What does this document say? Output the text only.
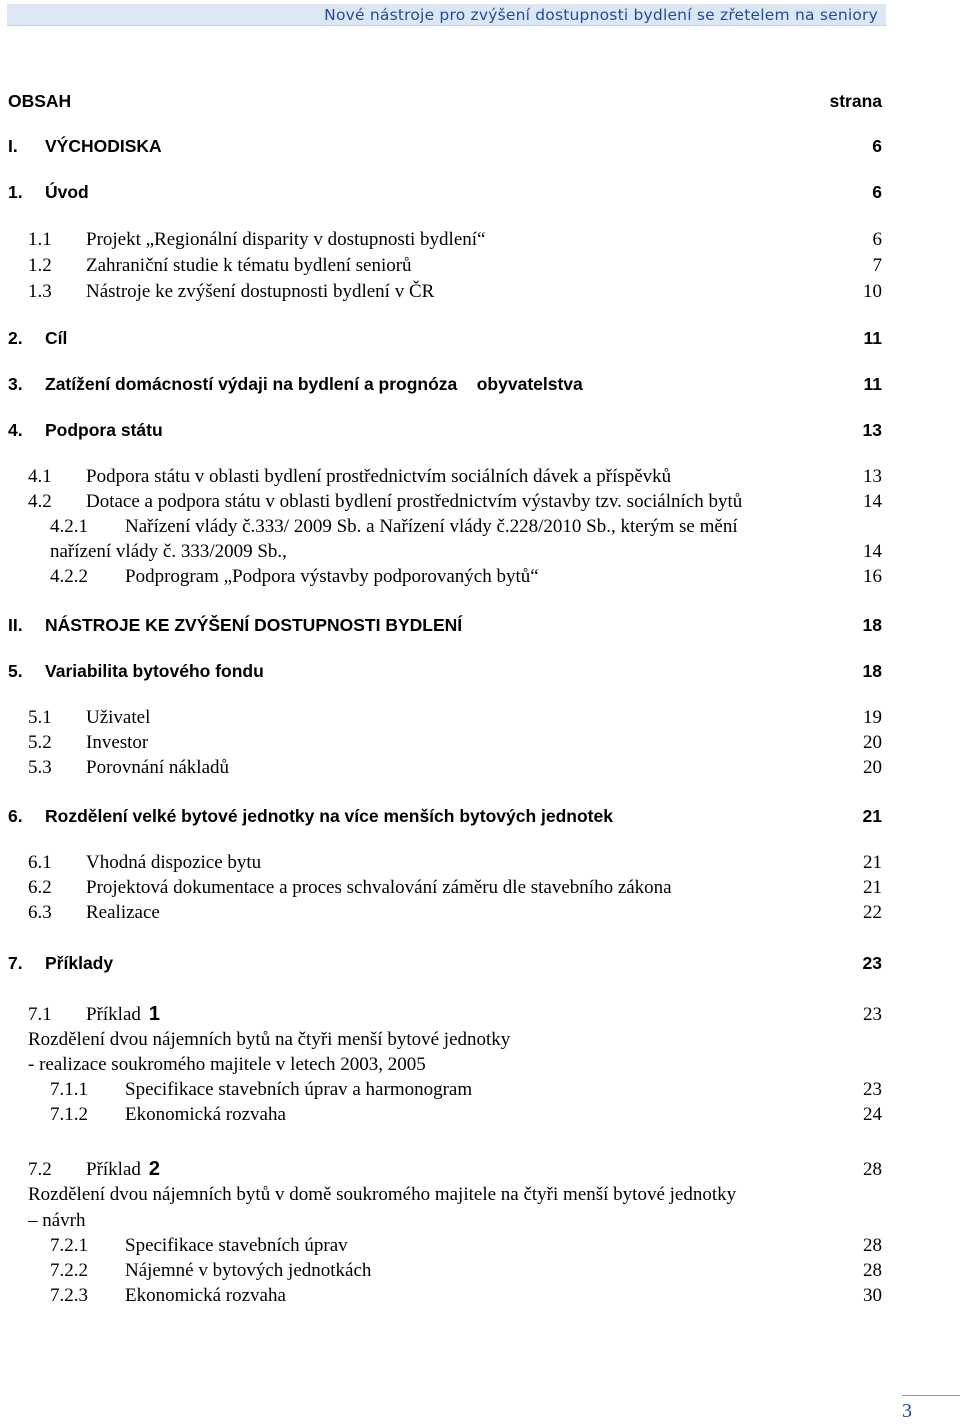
Nové nástroje pro zvýšení dostupnosti bydlení se zřetelem na seniory
OBSAH	strana
I.	VÝCHODISKA	6
1.	Úvod	6
1.1	Projekt „Regionální disparity v dostupnosti bydlení“	6
1.2	Zahraniční studie k tématu bydlení seniorů	7
1.3	Nástroje ke zvýšení dostupnosti bydlení v ČR	10
2.	Cíl	11
3.	Zatížení domácností výdaji na bydlení a prognóza    obyvatelstva	11
4.	Podpora státu	13
4.1	Podpora státu v oblasti bydlení prostřednictvím sociálních dávek a příspěvků	13
4.2	Dotace a podpora státu v oblasti bydlení prostřednictvím výstavby tzv. sociálních bytů	14
4.2.1 Nařízení vlády č.333/ 2009 Sb. a Nařízení vlády č.228/2010 Sb., kterým se mění
nařízení vlády č. 333/2009 Sb.,	14
4.2.2	Podprogram „Podpora výstavby podporovaných bytů“	16
II.	NÁSTROJE KE ZVÝŠENÍ DOSTUPNOSTI BYDLENÍ	18
5.	Variabilita bytového fondu	18
5.1	Uživatel	19
5.2	Investor	20
5.3	Porovnání nákladů	20
6.	Rozdělení velké bytové jednotky na více menších bytových jednotek	21
6.1	Vhodná dispozice bytu	21
6.2	Projektová dokumentace a proces schvalování záměru dle stavebního zákona	21
6.3	Realizace	22
7.	Příklady	23
7.1	Příklad 1	23
Rozdělení dvou nájemních bytů na čtyři menší bytové jednotky
- realizace soukromého majitele v letech 2003, 2005
7.1.1	Specifikace stavebních úprav a harmonogram	23
7.1.2	Ekonomická rozvaha	24
7.2	Příklad 2	28
Rozdělení dvou nájemních bytů v domě soukromého majitele na čtyři menší bytové jednotky
– návrh
7.2.1	Specifikace stavebních úprav	28
7.2.2	Nájemné v bytových jednotkách	28
7.2.3	Ekonomická rozvaha	30
3
